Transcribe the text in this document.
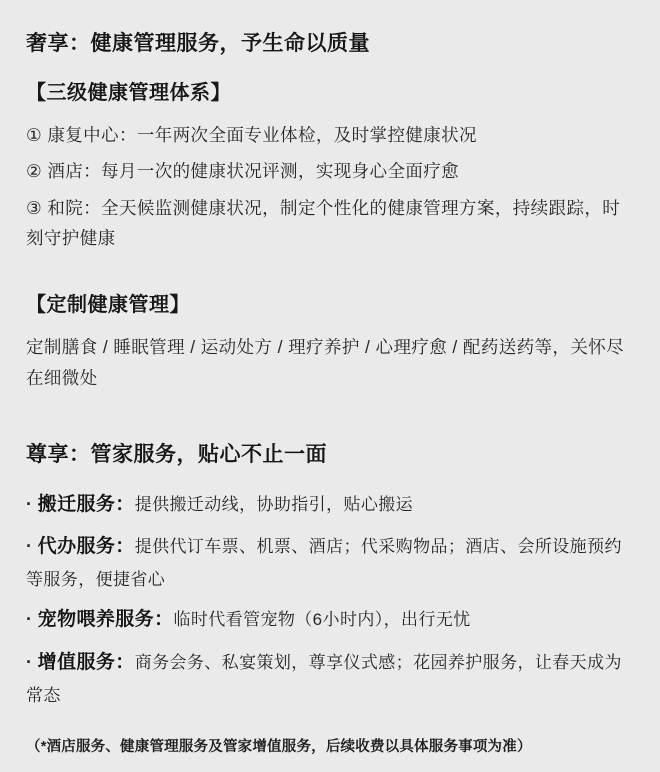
奢享：健康管理服务，予生命以质量
【三级健康管理体系】

① 康复中心：一年两次全面专业体检，及时掌控健康状况

② 酒店：每月一次的健康状况评测，实现身心全面疗愈

③ 和院：全天候监测健康状况，制定个性化的健康管理方案，持续跟踪，时刻守护健康

【定制健康管理】

定制膳食 / 睡眠管理 / 运动处方 / 理疗养护 / 心理疗愈 / 配药送药等，关怀尽在细微处

尊享：管家服务，贴心不止一面

· 搬迁服务：提供搬迁动线，协助指引，贴心搬运

· 代办服务：提供代订车票、机票、酒店；代采购物品；酒店、会所设施预约等服务，便捷省心

· 宠物喂养服务：临时代看管宠物（6小时内），出行无忧

· 增值服务：商务会务、私宴策划，尊享仪式感；花园养护服务，让春天成为常态

（*酒店服务、健康管理服务及管家增值服务，后续收费以具体服务事项为准）
